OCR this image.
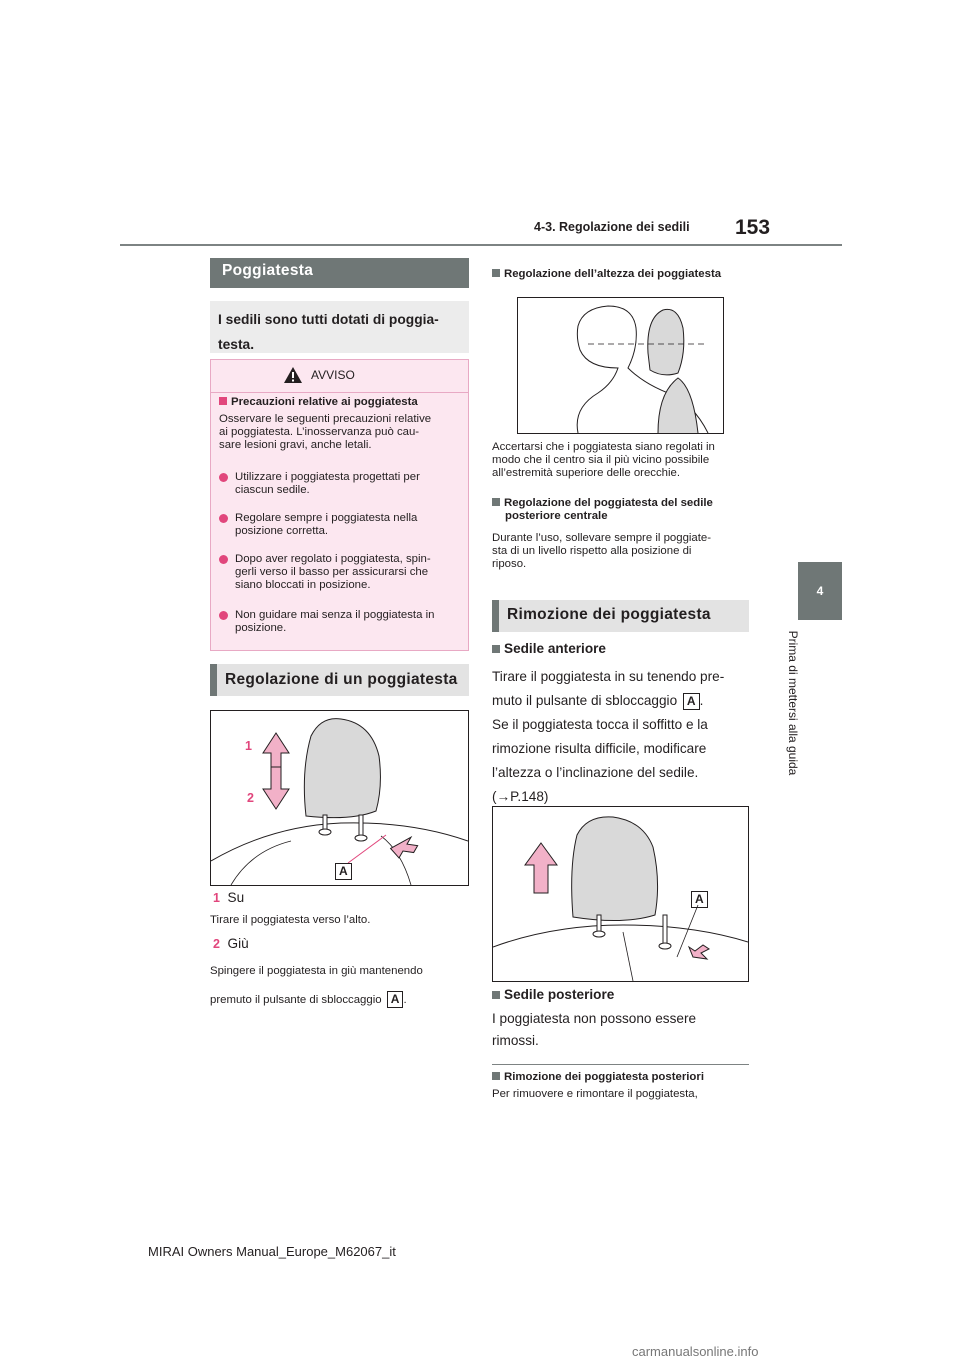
153
4-3. Regolazione dei sedili
4
Prima di mettersi alla guida
Poggiatesta
I sedili sono tutti dotati di poggia-
testa.
AVVISO
Precauzioni relative ai poggiatesta
Osservare le seguenti precauzioni relative
ai poggiatesta. L’inosservanza può cau-
sare lesioni gravi, anche letali.
Utilizzare i poggiatesta progettati per
ciascun sedile.
Regolare sempre i poggiatesta nella
posizione corretta.
Dopo aver regolato i poggiatesta, spin-
gerli verso il basso per assicurarsi che
siano bloccati in posizione.
Non guidare mai senza il poggiatesta in
posizione.
Regolazione di un poggiatesta
1
2
A
1 Su
Tirare il poggiatesta verso l’alto.
2 Giù
Spingere il poggiatesta in giù mantenendo
premuto il pulsante di sbloccaggio A .
Regolazione dell’altezza dei poggiatesta
Accertarsi che i poggiatesta siano regolati in
modo che il centro sia il più vicino possibile
all’estremità superiore delle orecchie.
Regolazione del poggiatesta del sedile
posteriore centrale
Durante l’uso, sollevare sempre il poggiate-
sta di un livello rispetto alla posizione di
riposo.
Rimozione dei poggiatesta
Sedile anteriore
Tirare il poggiatesta in su tenendo pre-
muto il pulsante di sbloccaggio A .
Se il poggiatesta tocca il soffitto e la
rimozione risulta difficile, modificare
l’altezza o l’inclinazione del sedile.
(→P.148)
A
Sedile posteriore
I poggiatesta non possono essere
rimossi.
Rimozione dei poggiatesta posteriori
Per rimuovere e rimontare il poggiatesta,
MIRAI Owners Manual_Europe_M62067_it
carmanualsonline.info
